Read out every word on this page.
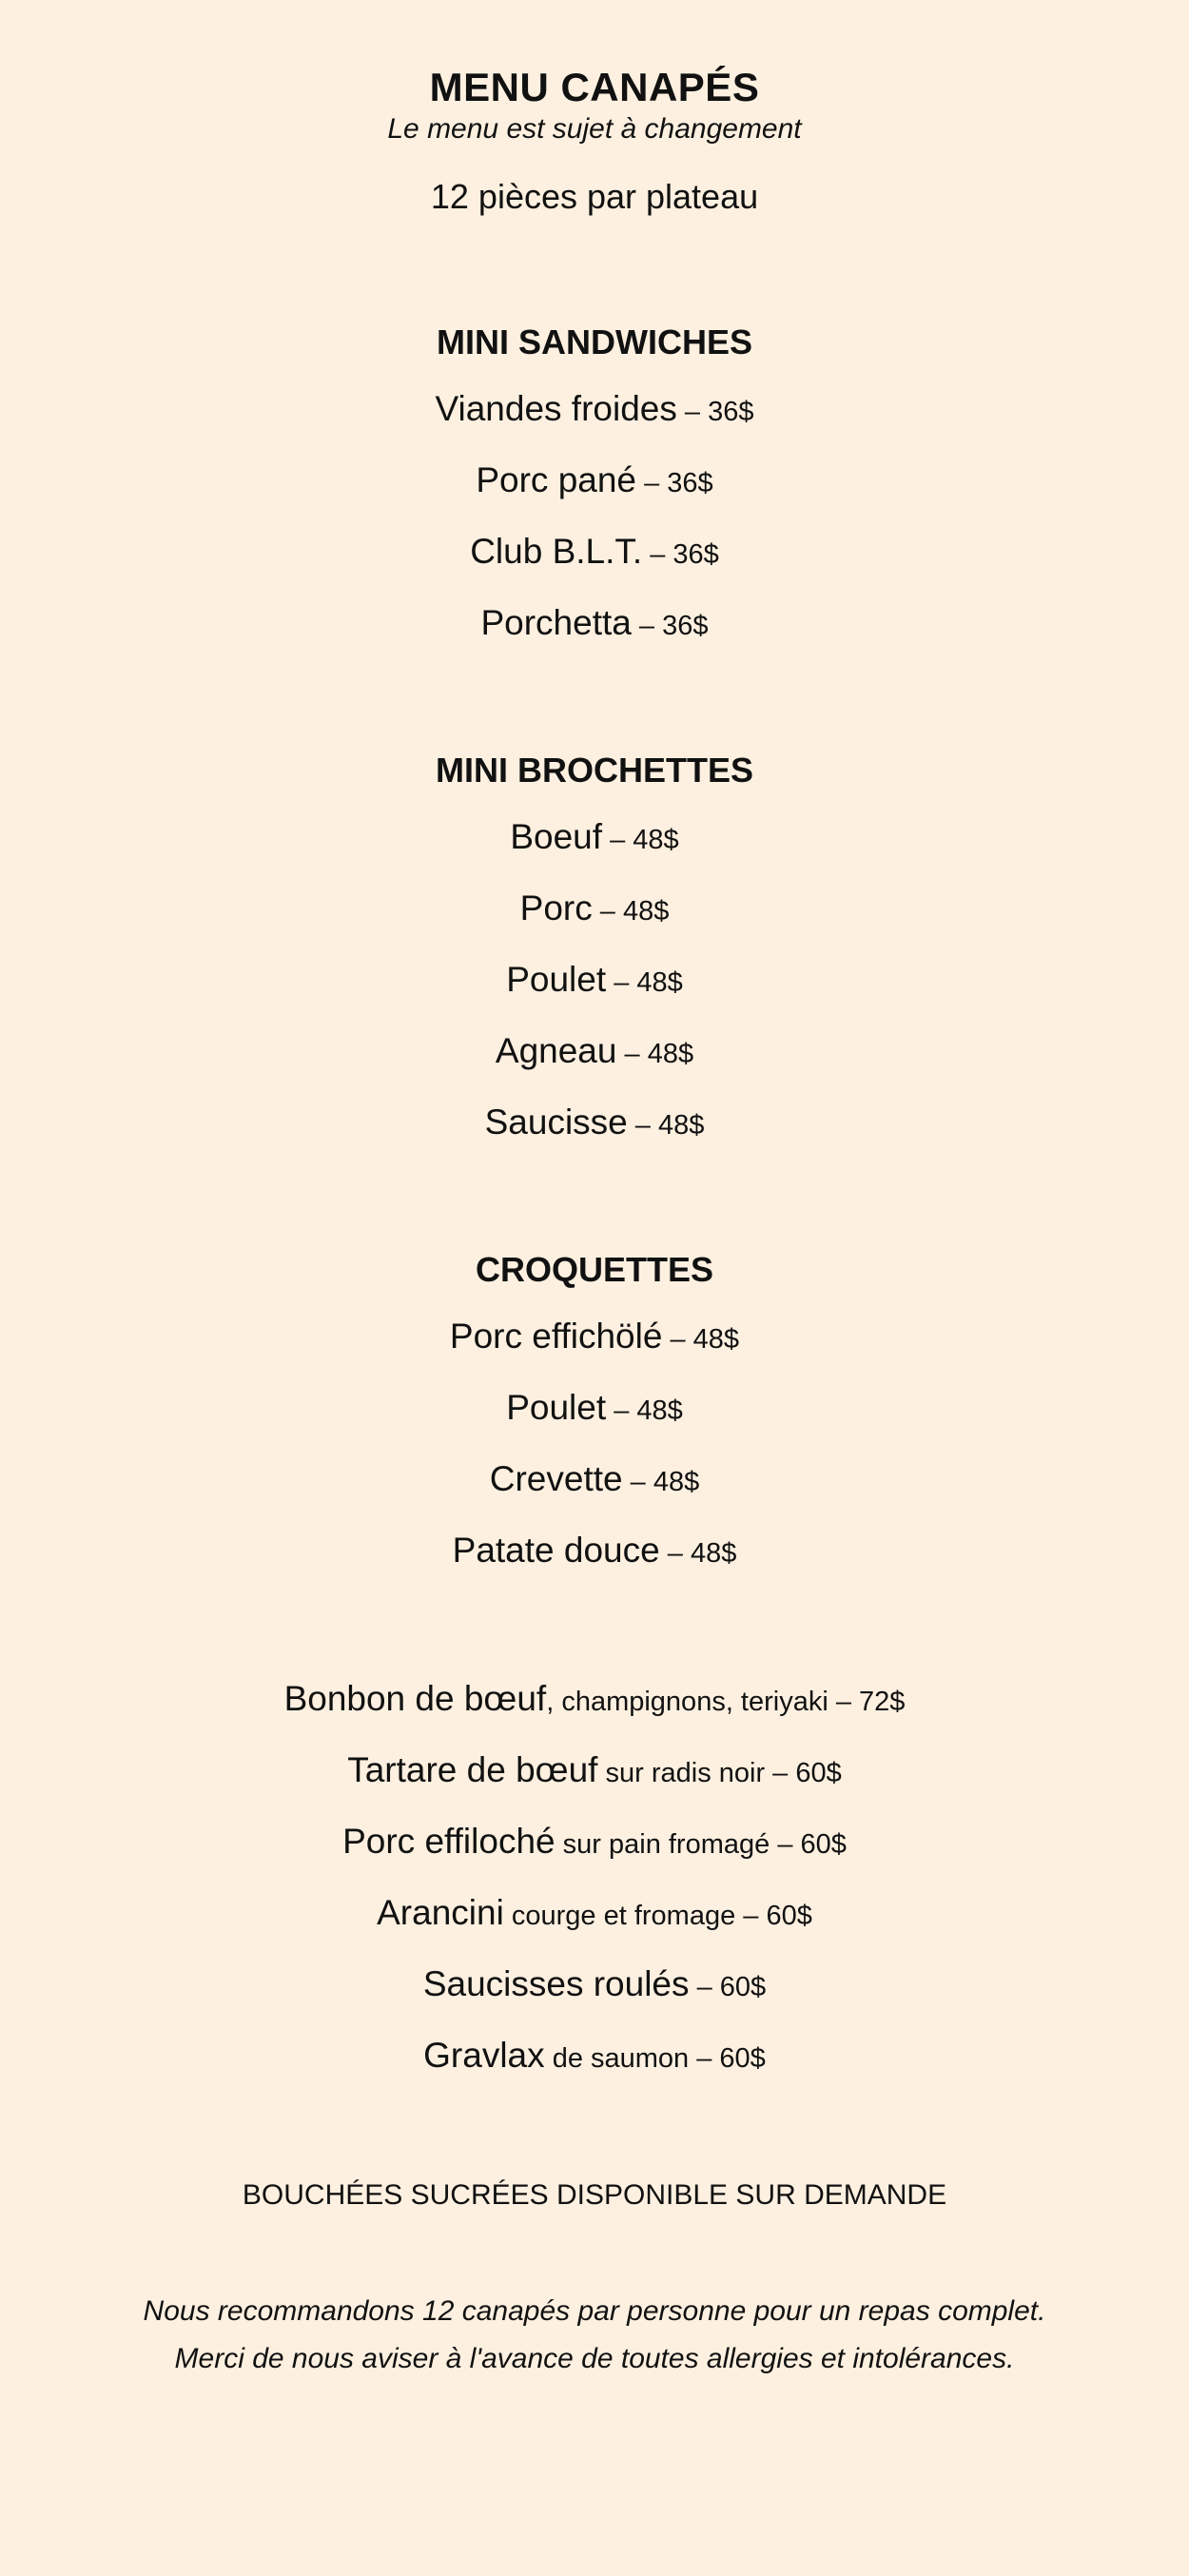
MENU CANAPÉS
Le menu est sujet à changement
12 pièces par plateau
MINI SANDWICHES
Viandes froides – 36$
Porc pané – 36$
Club B.L.T. – 36$
Porchetta – 36$
MINI BROCHETTES
Boeuf – 48$
Porc – 48$
Poulet – 48$
Agneau – 48$
Saucisse – 48$
CROQUETTES
Porc effichölé – 48$
Poulet – 48$
Crevette – 48$
Patate douce – 48$
Bonbon de bœuf, champignons, teriyaki – 72$
Tartare de bœuf sur radis noir – 60$
Porc effiloché sur pain fromagé – 60$
Arancini courge et fromage – 60$
Saucisses roulés – 60$
Gravlax de saumon – 60$
BOUCHÉES SUCRÉES DISPONIBLE SUR DEMANDE
Nous recommandons 12 canapés par personne pour un repas complet.
Merci de nous aviser à l'avance de toutes allergies et intolérances.
